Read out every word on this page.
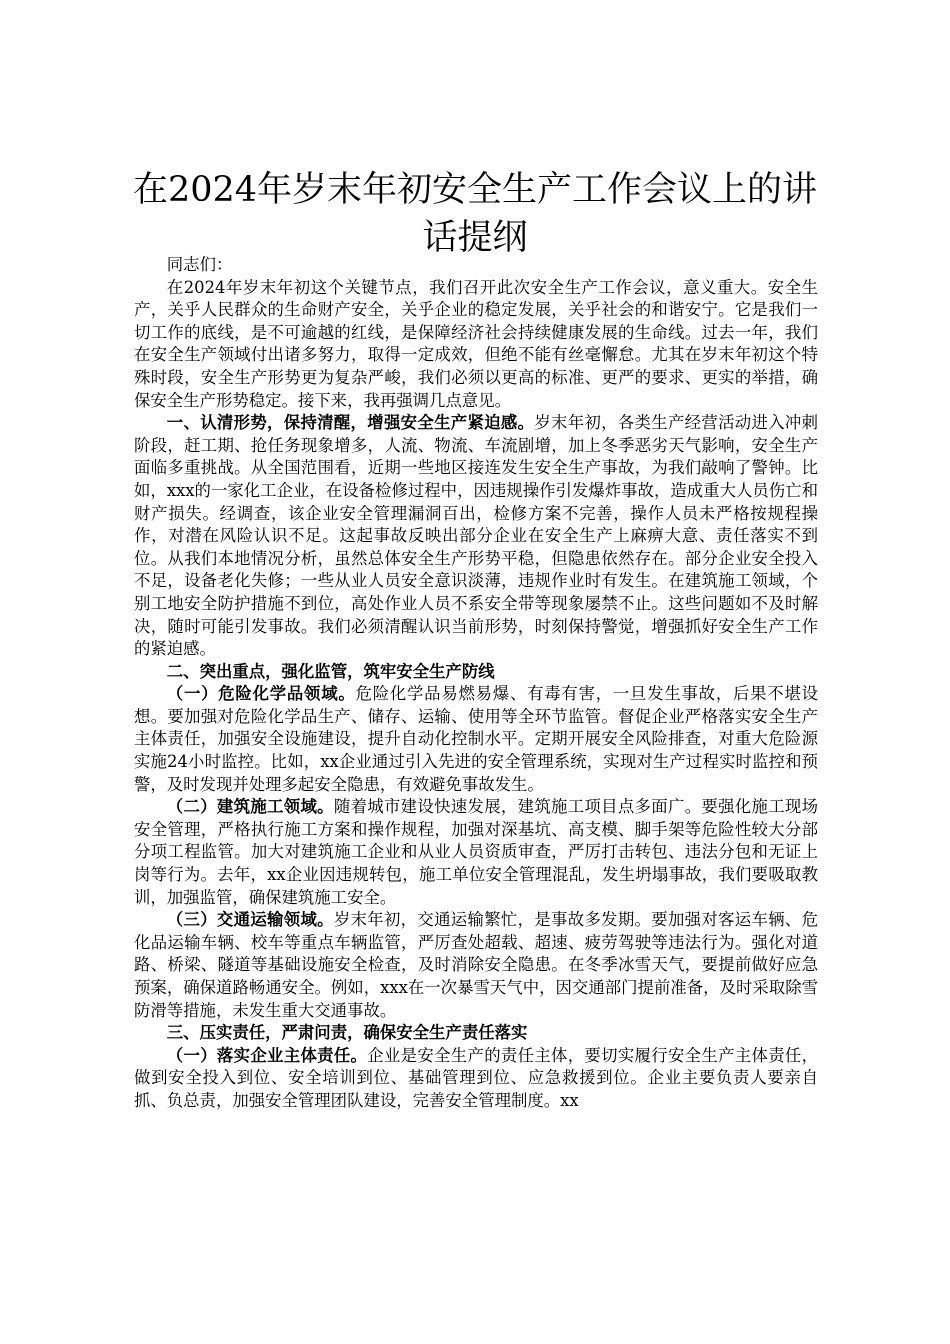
在2024年岁末年初安全生产工作会议上的讲话提纲

同志们：

在2024年岁末年初这个关键节点，我们召开此次安全生产工作会议，意义重大。安全生产，关乎人民群众的生命财产安全，关乎企业的稳定发展，关乎社会的和谐安宁。它是我们一切工作的底线，是不可逾越的红线，是保障经济社会持续健康发展的生命线。过去一年，我们在安全生产领域付出诸多努力，取得一定成效，但绝不能有丝毫懈怠。尤其在岁末年初这个特殊时段，安全生产形势更为复杂严峻，我们必须以更高的标准、更严的要求、更实的举措，确保安全生产形势稳定。接下来，我再强调几点意见。

一、认清形势，保持清醒，增强安全生产紧迫感。岁末年初，各类生产经营活动进入冲刺阶段，赶工期、抢任务现象增多，人流、物流、车流剧增，加上冬季恶劣天气影响，安全生产面临多重挑战。从全国范围看，近期一些地区接连发生安全生产事故，为我们敲响了警钟。比如，xxx的一家化工企业，在设备检修过程中，因违规操作引发爆炸事故，造成重大人员伤亡和财产损失。经调查，该企业安全管理漏洞百出，检修方案不完善，操作人员未严格按规程操作，对潜在风险认识不足。这起事故反映出部分企业在安全生产上麻痹大意、责任落实不到位。从我们本地情况分析，虽然总体安全生产形势平稳，但隐患依然存在。部分企业安全投入不足，设备老化失修；一些从业人员安全意识淡薄，违规作业时有发生。在建筑施工领域，个别工地安全防护措施不到位，高处作业人员不系安全带等现象屡禁不止。这些问题如不及时解决，随时可能引发事故。我们必须清醒认识当前形势，时刻保持警觉，增强抓好安全生产工作的紧迫感。

二、突出重点，强化监管，筑牢安全生产防线

（一）危险化学品领域。危险化学品易燃易爆、有毒有害，一旦发生事故，后果不堪设想。要加强对危险化学品生产、储存、运输、使用等全环节监管。督促企业严格落实安全生产主体责任，加强安全设施建设，提升自动化控制水平。定期开展安全风险排查，对重大危险源实施24小时监控。比如，xx企业通过引入先进的安全管理系统，实现对生产过程实时监控和预警，及时发现并处理多起安全隐患，有效避免事故发生。

（二）建筑施工领域。随着城市建设快速发展，建筑施工项目点多面广。要强化施工现场安全管理，严格执行施工方案和操作规程，加强对深基坑、高支模、脚手架等危险性较大分部分项工程监管。加大对建筑施工企业和从业人员资质审查，严厉打击转包、违法分包和无证上岗等行为。去年，xx企业因违规转包，施工单位安全管理混乱，发生坍塌事故，我们要吸取教训，加强监管，确保建筑施工安全。

（三）交通运输领域。岁末年初，交通运输繁忙，是事故多发期。要加强对客运车辆、危化品运输车辆、校车等重点车辆监管，严厉查处超载、超速、疲劳驾驶等违法行为。强化对道路、桥梁、隧道等基础设施安全检查，及时消除安全隐患。在冬季冰雪天气，要提前做好应急预案，确保道路畅通安全。例如，xxx在一次暴雪天气中，因交通部门提前准备，及时采取除雪防滑等措施，未发生重大交通事故。

三、压实责任，严肃问责，确保安全生产责任落实

（一）落实企业主体责任。企业是安全生产的责任主体，要切实履行安全生产主体责任，做到安全投入到位、安全培训到位、基础管理到位、应急救援到位。企业主要负责人要亲自抓、负总责，加强安全管理团队建设，完善安全管理制度。xx
